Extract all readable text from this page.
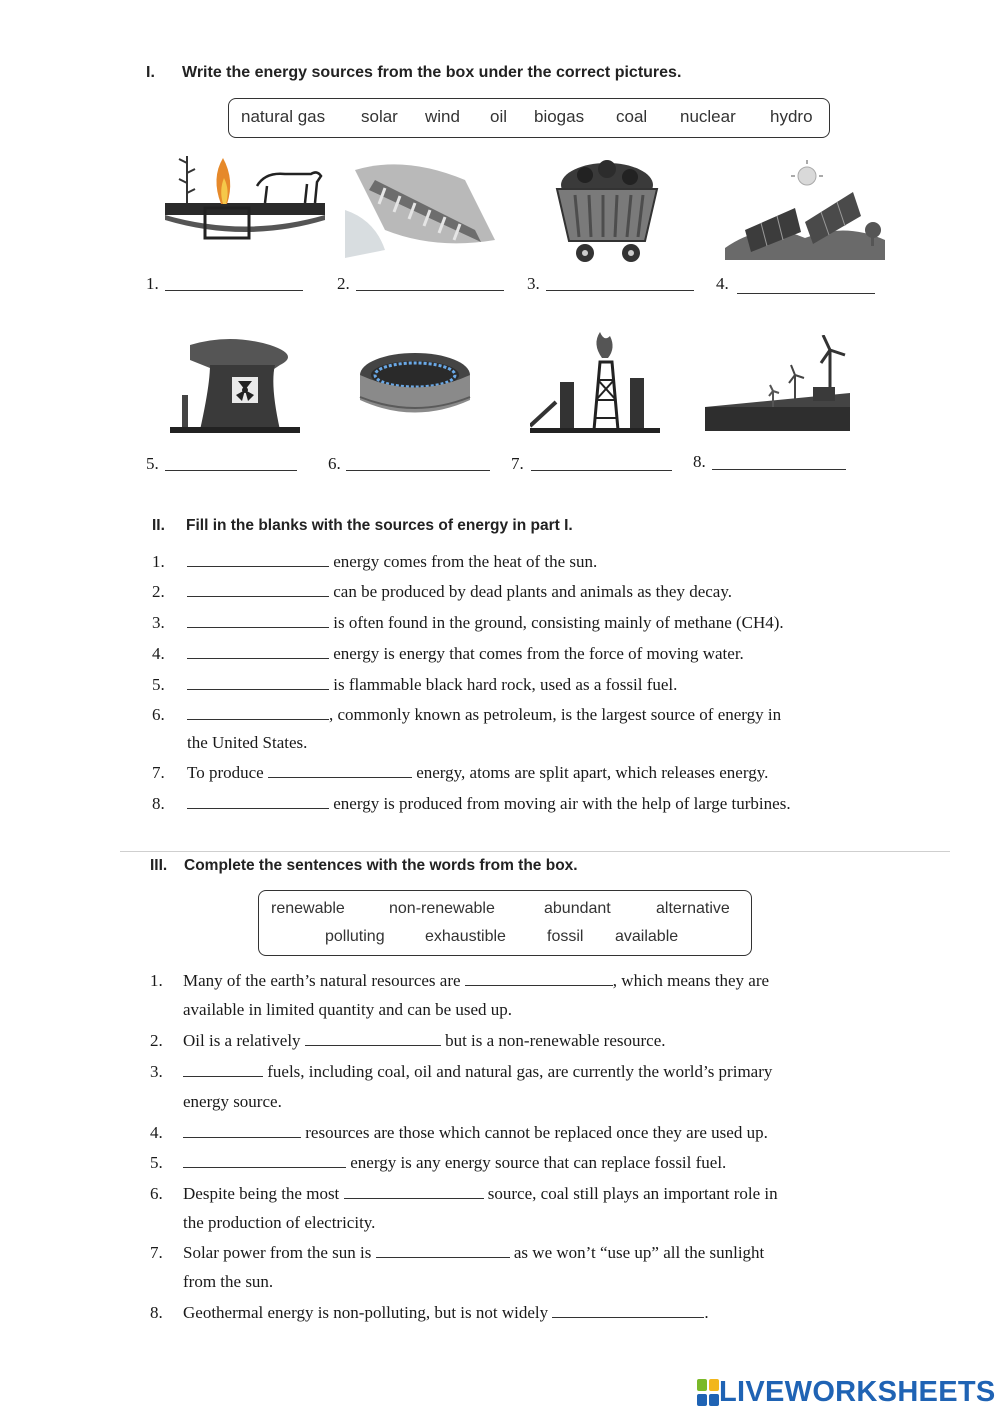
I. Write the energy sources from the box under the correct pictures.
natural gas solar wind oil biogas coal nuclear hydro
1.	2.	3.	4.
5.	6.	7.	8.
II. Fill in the blanks with the sources of energy in part I.
1.	energy comes from the heat of the sun.
2.	can be produced by dead plants and animals as they decay.
3.	is often found in the ground, consisting mainly of methane (CH4).
4.	energy is energy that comes from the force of moving water.
5.	is flammable black hard rock, used as a fossil fuel.
6.	, commonly known as petroleum, is the largest source of energy in
the United States.
7. To produce	energy, atoms are split apart, which releases energy.
8.	energy is produced from moving air with the help of large turbines.
III. Complete the sentences with the words from the box.
renewable	non-renewable	abundant	alternative
polluting	exhaustible	fossil available
1. Many of the earth’s natural resources are	, which means they are
available in limited quantity and can be used up.
2. Oil is a relatively	but is a non-renewable resource.
3.	fuels, including coal, oil and natural gas, are currently the world’s primary
energy source.
4.	resources are those which cannot be replaced once they are used up.
5.	energy is any energy source that can replace fossil fuel.
6. Despite being the most	source, coal still plays an important role in
the production of electricity.
7. Solar power from the sun is	as we won’t “use up” all the sunlight
from the sun.
8. Geothermal energy is non-polluting, but is not widely	.
LIVEWORKSHEETS
